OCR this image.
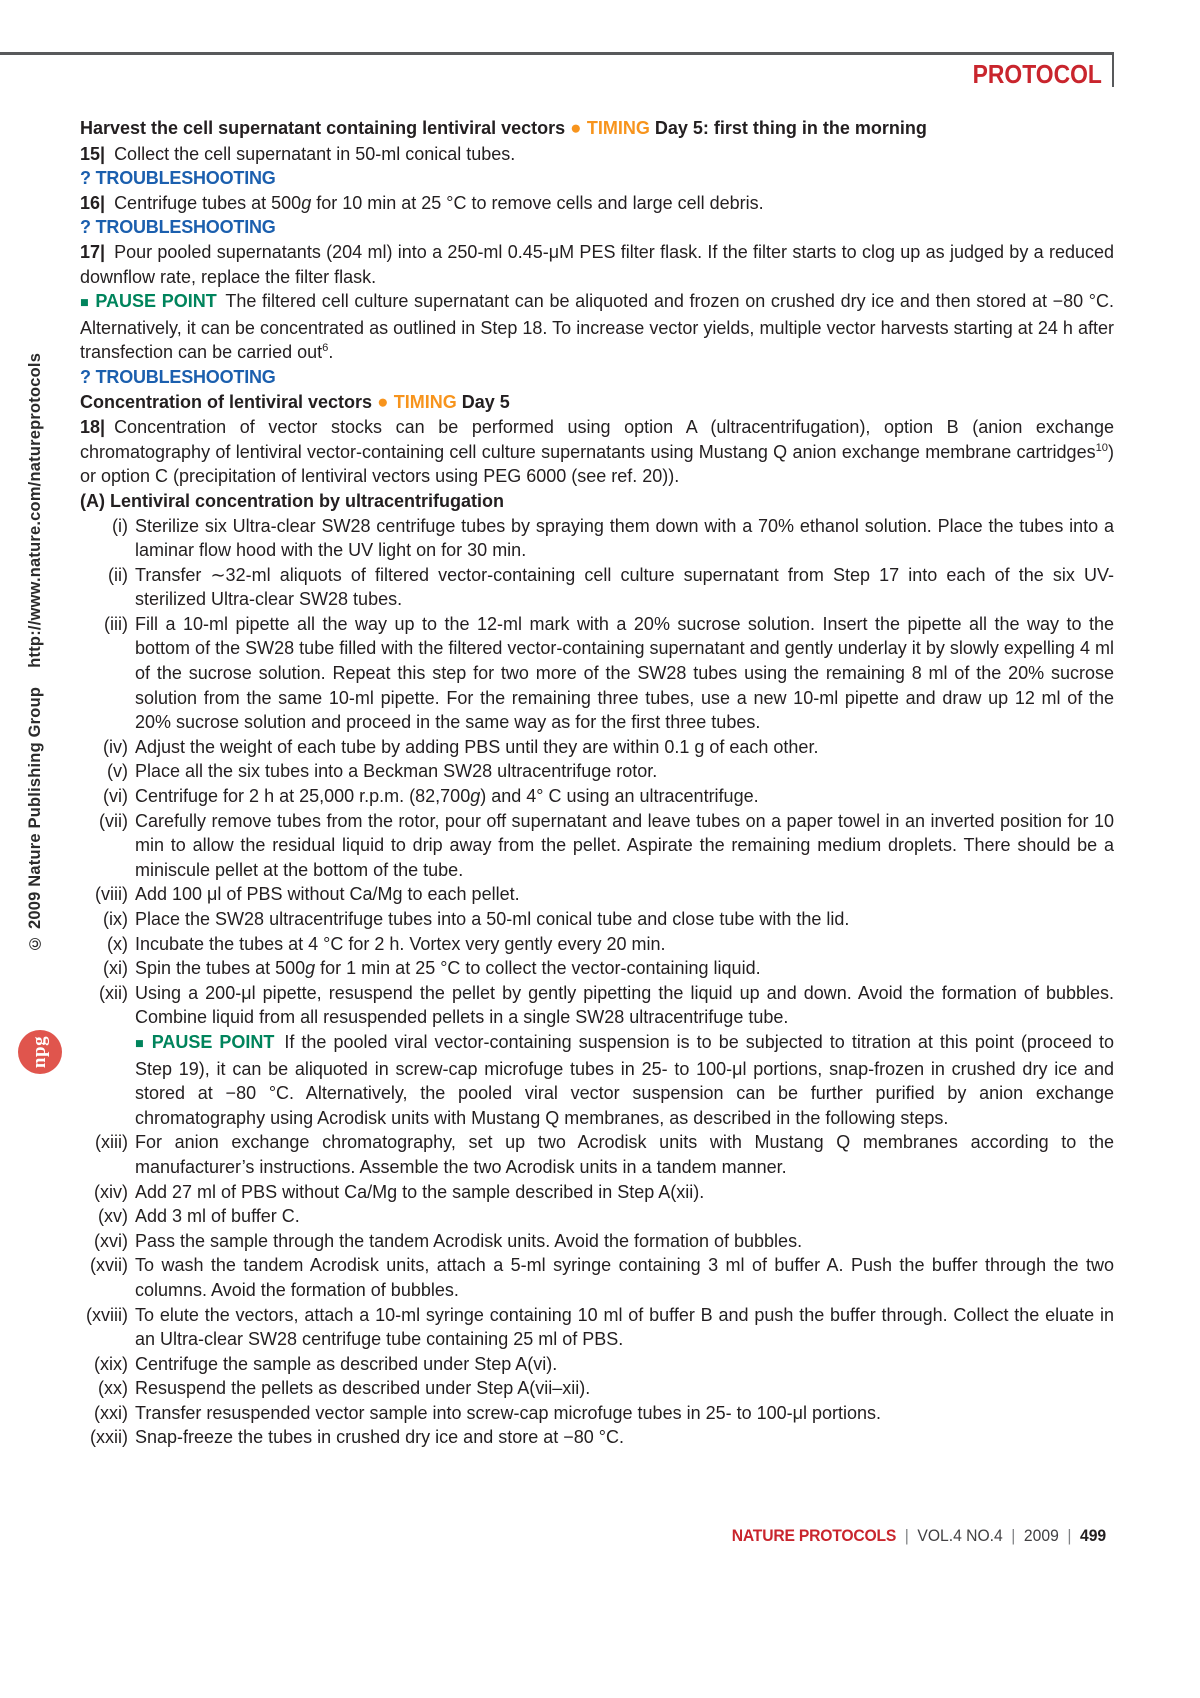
PROTOCOL
© 2009 Nature Publishing Group    http://www.nature.com/natureprotocols
npg

Harvest the cell supernatant containing lentiviral vectors ● TIMING Day 5: first thing in the morning

15| Collect the cell supernatant in 50-ml conical tubes.

? TROUBLESHOOTING

16| Centrifuge tubes at 500g for 10 min at 25 °C to remove cells and large cell debris.

? TROUBLESHOOTING

17| Pour pooled supernatants (204 ml) into a 250-ml 0.45-μM PES filter flask. If the filter starts to clog up as judged by a reduced downflow rate, replace the filter flask.

■ PAUSE POINT The filtered cell culture supernatant can be aliquoted and frozen on crushed dry ice and then stored at −80 °C. Alternatively, it can be concentrated as outlined in Step 18. To increase vector yields, multiple vector harvests starting at 24 h after transfection can be carried out$^6$.

? TROUBLESHOOTING

Concentration of lentiviral vectors ● TIMING Day 5

18| Concentration of vector stocks can be performed using option A (ultracentrifugation), option B (anion exchange chromatography of lentiviral vector-containing cell culture supernatants using Mustang Q anion exchange membrane cartridges$^{10}$) or option C (precipitation of lentiviral vectors using PEG 6000 (see ref. 20)).

(A) Lentiviral concentration by ultracentrifugation

(i) Sterilize six Ultra-clear SW28 centrifuge tubes by spraying them down with a 70% ethanol solution. Place the tubes into a laminar flow hood with the UV light on for 30 min.

(ii) Transfer ∼32-ml aliquots of filtered vector-containing cell culture supernatant from Step 17 into each of the six UV-sterilized Ultra-clear SW28 tubes.

(iii) Fill a 10-ml pipette all the way up to the 12-ml mark with a 20% sucrose solution. Insert the pipette all the way to the bottom of the SW28 tube filled with the filtered vector-containing supernatant and gently underlay it by slowly expelling 4 ml of the sucrose solution. Repeat this step for two more of the SW28 tubes using the remaining 8 ml of the 20% sucrose solution from the same 10-ml pipette. For the remaining three tubes, use a new 10-ml pipette and draw up 12 ml of the 20% sucrose solution and proceed in the same way as for the first three tubes.

(iv) Adjust the weight of each tube by adding PBS until they are within 0.1 g of each other.

(v) Place all the six tubes into a Beckman SW28 ultracentrifuge rotor.

(vi) Centrifuge for 2 h at 25,000 r.p.m. (82,700g) and 4° C using an ultracentrifuge.

(vii) Carefully remove tubes from the rotor, pour off supernatant and leave tubes on a paper towel in an inverted position for 10 min to allow the residual liquid to drip away from the pellet. Aspirate the remaining medium droplets. There should be a miniscule pellet at the bottom of the tube.

(viii) Add 100 μl of PBS without Ca/Mg to each pellet.

(ix) Place the SW28 ultracentrifuge tubes into a 50-ml conical tube and close tube with the lid.

(x) Incubate the tubes at 4 °C for 2 h. Vortex very gently every 20 min.

(xi) Spin the tubes at 500g for 1 min at 25 °C to collect the vector-containing liquid.

(xii) Using a 200-μl pipette, resuspend the pellet by gently pipetting the liquid up and down. Avoid the formation of bubbles. Combine liquid from all resuspended pellets in a single SW28 ultracentrifuge tube.

■ PAUSE POINT If the pooled viral vector-containing suspension is to be subjected to titration at this point (proceed to Step 19), it can be aliquoted in screw-cap microfuge tubes in 25- to 100-μl portions, snap-frozen in crushed dry ice and stored at −80 °C. Alternatively, the pooled viral vector suspension can be further purified by anion exchange chromatography using Acrodisk units with Mustang Q membranes, as described in the following steps.

(xiii) For anion exchange chromatography, set up two Acrodisk units with Mustang Q membranes according to the manufacturer’s instructions. Assemble the two Acrodisk units in a tandem manner.

(xiv) Add 27 ml of PBS without Ca/Mg to the sample described in Step A(xii).

(xv) Add 3 ml of buffer C.

(xvi) Pass the sample through the tandem Acrodisk units. Avoid the formation of bubbles.

(xvii) To wash the tandem Acrodisk units, attach a 5-ml syringe containing 3 ml of buffer A. Push the buffer through the two columns. Avoid the formation of bubbles.

(xviii) To elute the vectors, attach a 10-ml syringe containing 10 ml of buffer B and push the buffer through. Collect the eluate in an Ultra-clear SW28 centrifuge tube containing 25 ml of PBS.

(xix) Centrifuge the sample as described under Step A(vi).

(xx) Resuspend the pellets as described under Step A(vii–xii).

(xxi) Transfer resuspended vector sample into screw-cap microfuge tubes in 25- to 100-μl portions.

(xxii) Snap-freeze the tubes in crushed dry ice and store at −80 °C.

NATURE PROTOCOLS | VOL.4 NO.4 | 2009 | 499
